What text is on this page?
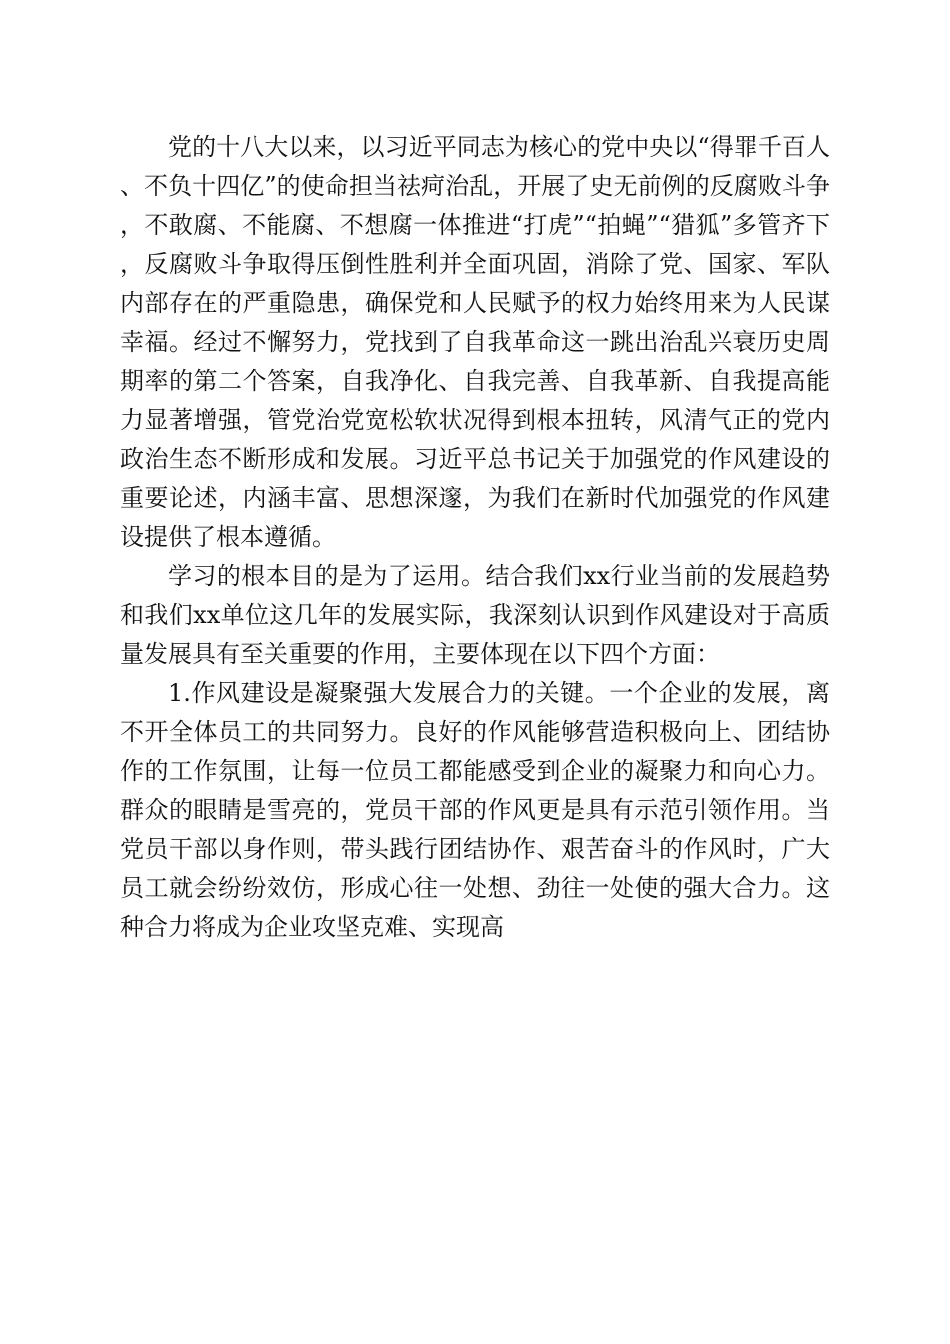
党的十八大以来，以习近平同志为核心的党中央以“得罪千百人、不负十四亿”的使命担当祛疴治乱，开展了史无前例的反腐败斗争，不敢腐、不能腐、不想腐一体推进“打虎”“拍蝇”“猎狐”多管齐下，反腐败斗争取得压倒性胜利并全面巩固，消除了党、国家、军队内部存在的严重隐患，确保党和人民赋予的权力始终用来为人民谋幸福。经过不懈努力，党找到了自我革命这一跳出治乱兴衰历史周期率的第二个答案，自我净化、自我完善、自我革新、自我提高能力显著增强，管党治党宽松软状况得到根本扭转，风清气正的党内政治生态不断形成和发展。习近平总书记关于加强党的作风建设的重要论述，内涵丰富、思想深邃，为我们在新时代加强党的作风建设提供了根本遵循。

学习的根本目的是为了运用。结合我们xx行业当前的发展趋势和我们xx单位这几年的发展实际，我深刻认识到作风建设对于高质量发展具有至关重要的作用，主要体现在以下四个方面：

1.作风建设是凝聚强大发展合力的关键。一个企业的发展，离不开全体员工的共同努力。良好的作风能够营造积极向上、团结协作的工作氛围，让每一位员工都能感受到企业的凝聚力和向心力。群众的眼睛是雪亮的，党员干部的作风更是具有示范引领作用。当党员干部以身作则，带头践行团结协作、艰苦奋斗的作风时，广大员工就会纷纷效仿，形成心往一处想、劲往一处使的强大合力。这种合力将成为企业攻坚克难、实现高
